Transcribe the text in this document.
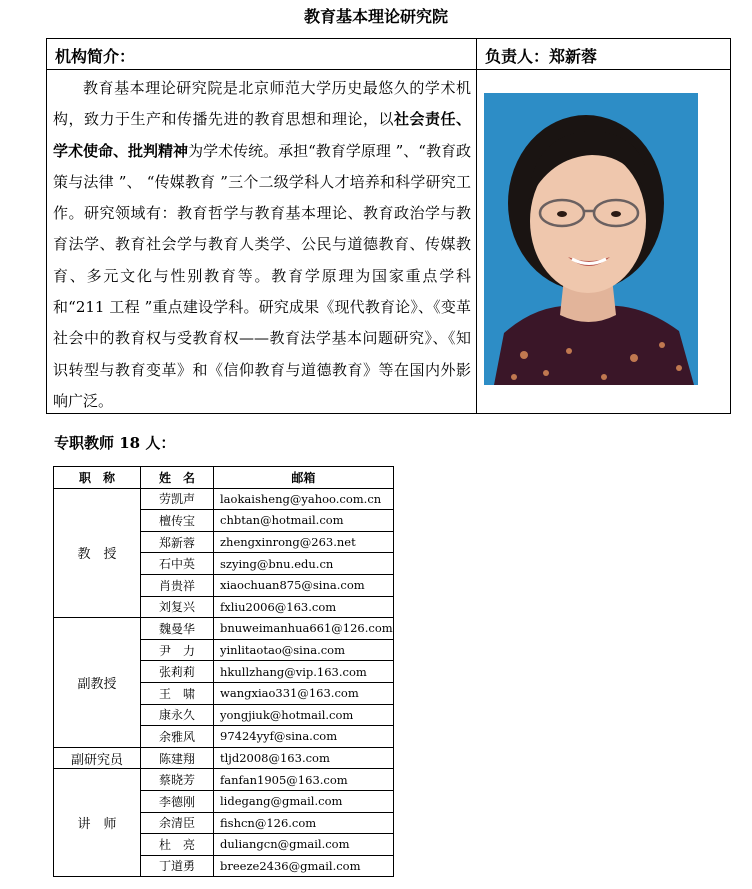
教育基本理论研究院
机构简介：	负责人：郑新蓉
教育基本理论研究院是北京师范大学历史最悠久的学术机构，致力于生产和传播先进的教育思想和理论，以社会责任、学术使命、批判精神为学术传统。承担“教育学原理 ”、“教育政策与法律 ”、 “传媒教育 ”三个二级学科人才培养和科学研究工作。研究领域有：教育哲学与教育基本理论、教育政治学与教育法学、教育社会学与教育人类学、公民与道德教育、传媒教育、多元文化与性别教育等。教育学原理为国家重点学科和“211 工程 ”重点建设学科。研究成果《现代教育论》、《变革社会中的教育权与受教育权——教育法学基本问题研究》、《知识转型与教育变革》和《信仰教育与道德教育》等在国内外影响广泛。
专职教师 18 人：
职　称	姓　名	邮箱
教　授	劳凯声	laokaisheng@yahoo.com.cn
	檀传宝	chbtan@hotmail.com
	郑新蓉	zhengxinrong@263.net
	石中英	szying@bnu.edu.cn
	肖贵祥	xiaochuan875@sina.com
	刘复兴	fxliu2006@163.com
副教授	魏曼华	bnuweimanhua661@126.com
	尹　力	yinlitaotao@sina.com
	张莉莉	hkullzhang@vip.163.com
	王　啸	wangxiao331@163.com
	康永久	yongjiuk@hotmail.com
	余雅风	97424yyf@sina.com
副研究员	陈建翔	tljd2008@163.com
讲　师	蔡晓芳	fanfan1905@163.com
	李德刚	lidegang@gmail.com
	余清臣	fishcn@126.com
	杜　亮	duliangcn@gmail.com
	丁道勇	breeze2436@gmail.com
